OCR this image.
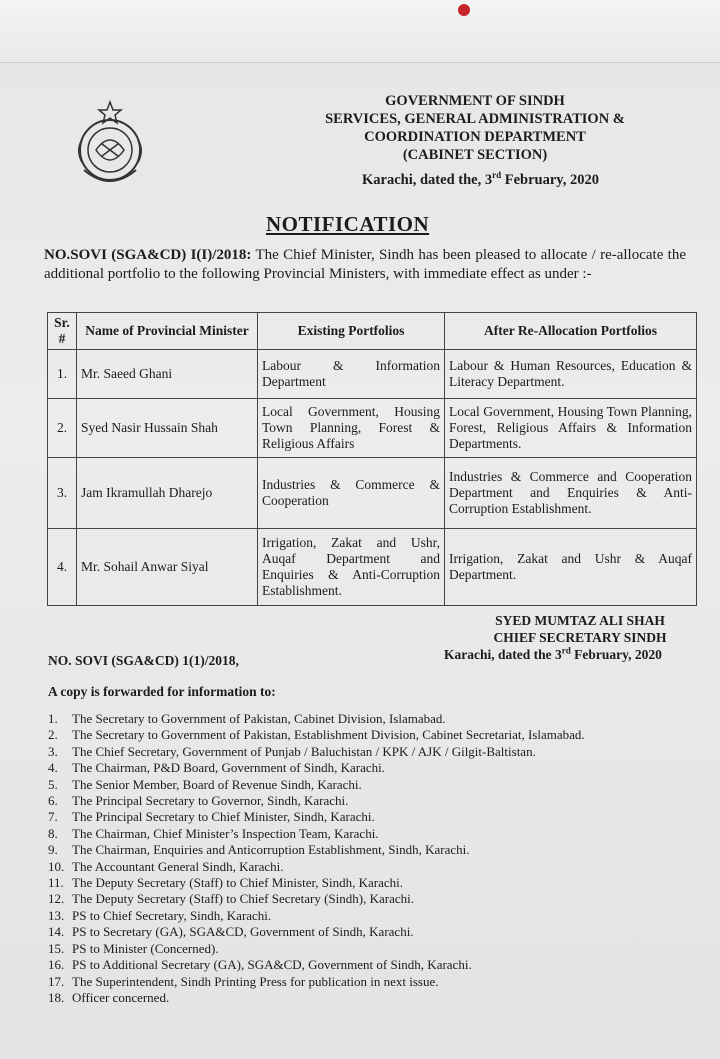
GOVERNMENT OF SINDH
SERVICES, GENERAL ADMINISTRATION &
COORDINATION DEPARTMENT
(CABINET SECTION)
Karachi, dated the, 3rd February, 2020
NOTIFICATION
NO.SOVI (SGA&CD) I(I)/2018: The Chief Minister, Sindh has been pleased to allocate / re-allocate the additional portfolio to the following Provincial Ministers, with immediate effect as under :-
Sr. #	Name of Provincial Minister	Existing Portfolios	After Re-Allocation Portfolios
1.	Mr. Saeed Ghani	Labour & Information Department	Labour & Human Resources, Education & Literacy Department.
2.	Syed Nasir Hussain Shah	Local Government, Housing Town Planning, Forest & Religious Affairs	Local Government, Housing Town Planning, Forest, Religious Affairs & Information Departments.
3.	Jam Ikramullah Dharejo	Industries & Commerce & Cooperation	Industries & Commerce and Cooperation Department and Enquiries & Anti-Corruption Establishment.
4.	Mr. Sohail Anwar Siyal	Irrigation, Zakat and Ushr, Auqaf Department and Enquiries & Anti-Corruption Establishment.	Irrigation, Zakat and Ushr & Auqaf Department.
SYED MUMTAZ ALI SHAH
CHIEF SECRETARY SINDH
NO. SOVI (SGA&CD) 1(1)/2018,	Karachi, dated the 3rd February, 2020
A copy is forwarded for information to:
1.	The Secretary to Government of Pakistan, Cabinet Division, Islamabad.
2.	The Secretary to Government of Pakistan, Establishment Division, Cabinet Secretariat, Islamabad.
3.	The Chief Secretary, Government of Punjab / Baluchistan / KPK / AJK / Gilgit-Baltistan.
4.	The Chairman, P&D Board, Government of Sindh, Karachi.
5.	The Senior Member, Board of Revenue Sindh, Karachi.
6.	The Principal Secretary to Governor, Sindh, Karachi.
7.	The Principal Secretary to Chief Minister, Sindh, Karachi.
8.	The Chairman, Chief Minister’s Inspection Team, Karachi.
9.	The Chairman, Enquiries and Anticorruption Establishment, Sindh, Karachi.
10. The Accountant General Sindh, Karachi.
11. The Deputy Secretary (Staff) to Chief Minister, Sindh, Karachi.
12. The Deputy Secretary (Staff) to Chief Secretary (Sindh), Karachi.
13. PS to Chief Secretary, Sindh, Karachi.
14. PS to Secretary (GA), SGA&CD, Government of Sindh, Karachi.
15. PS to Minister (Concerned).
16. PS to Additional Secretary (GA), SGA&CD, Government of Sindh, Karachi.
17. The Superintendent, Sindh Printing Press for publication in next issue.
18. Officer concerned.
